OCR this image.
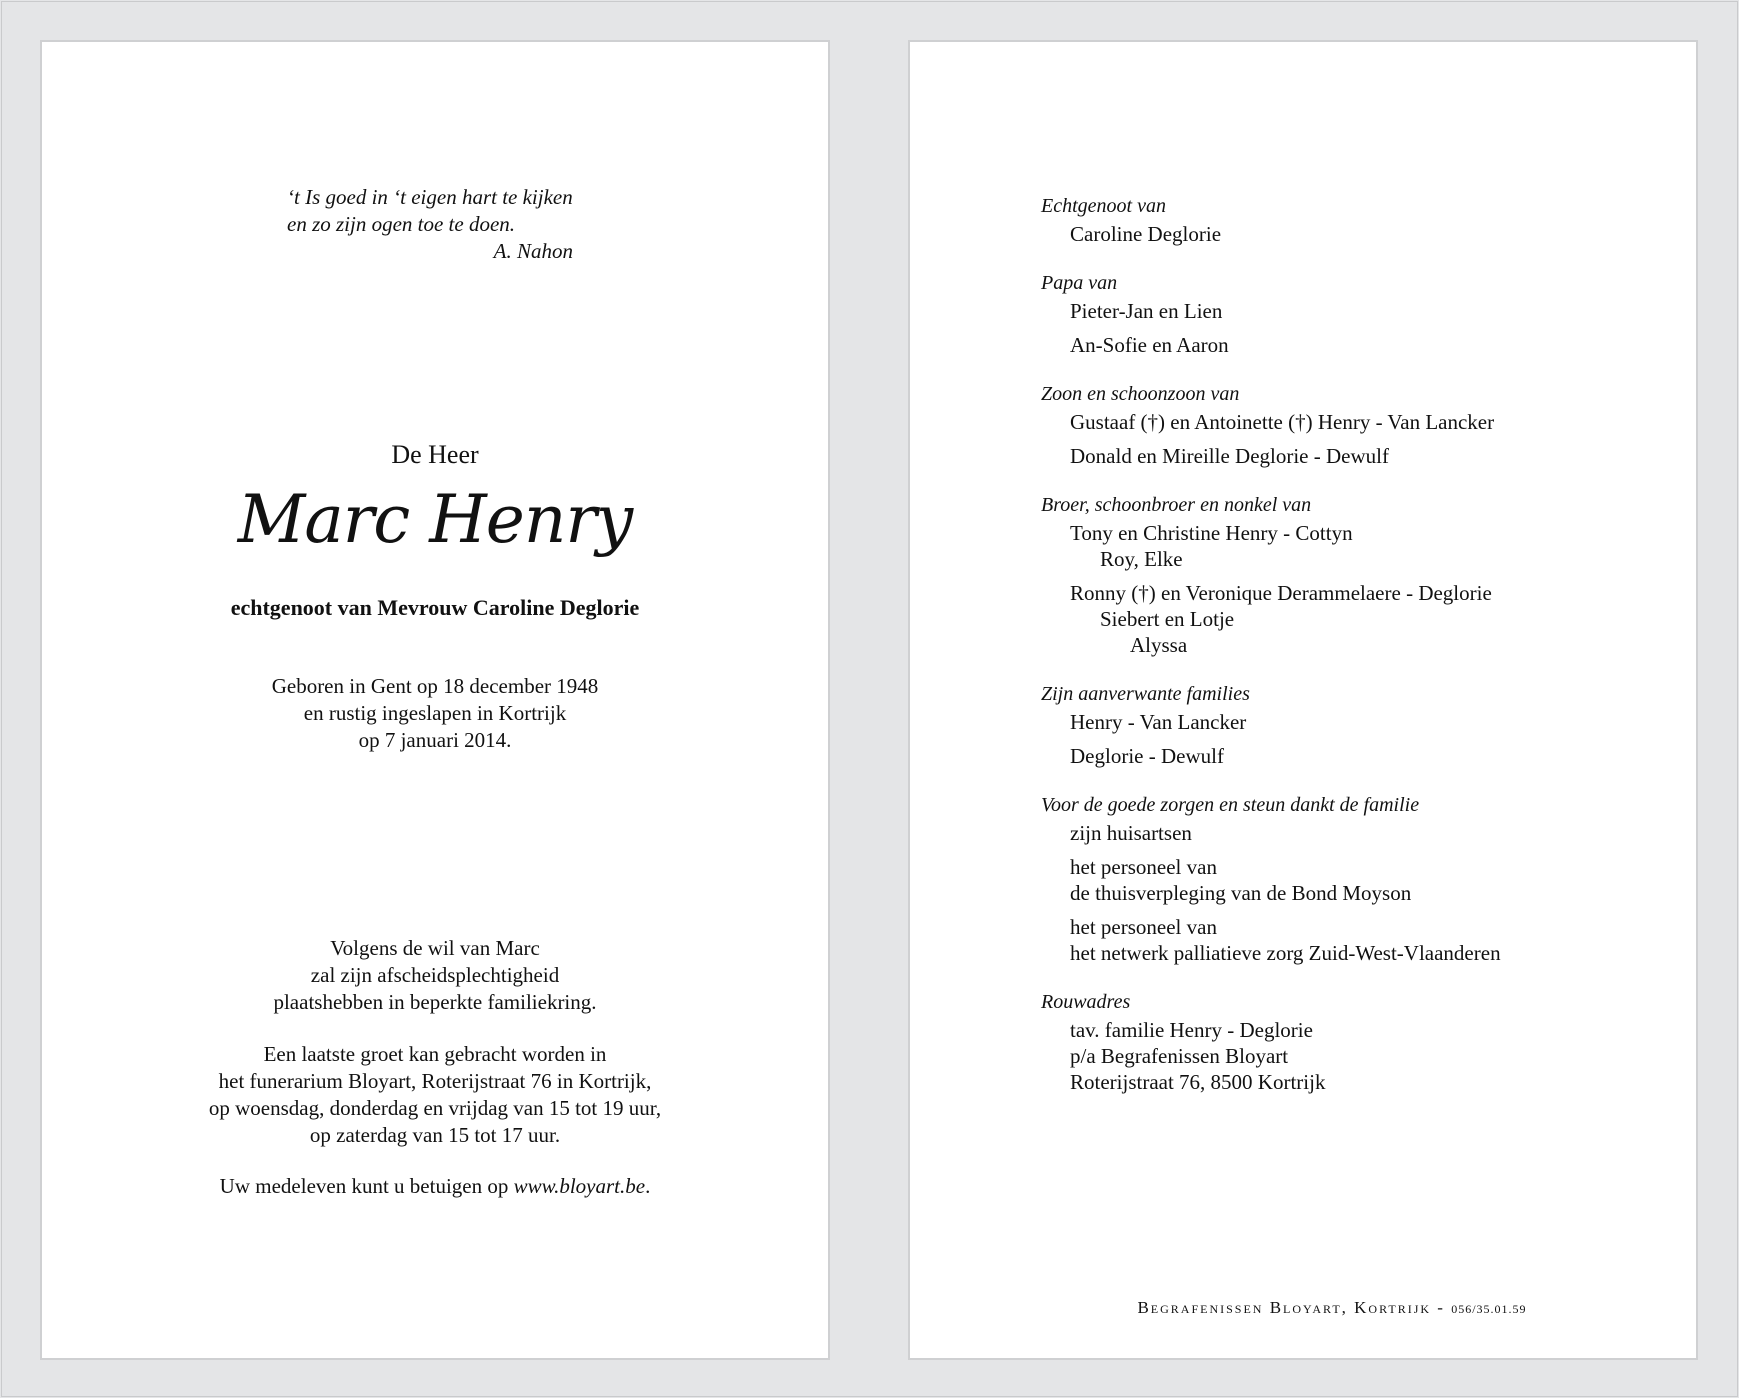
‘t Is goed in ‘t eigen hart te kijken
en zo zijn ogen toe te doen.
A. Nahon
De Heer
Marc Henry
echtgenoot van Mevrouw Caroline Deglorie
Geboren in Gent op 18 december 1948
en rustig ingeslapen in Kortrijk
op 7 januari 2014.
Volgens de wil van Marc
zal zijn afscheidsplechtigheid
plaatshebben in beperkte familiekring.
Een laatste groet kan gebracht worden in
het funerarium Bloyart, Roterijstraat 76 in Kortrijk,
op woensdag, donderdag en vrijdag van 15 tot 19 uur,
op zaterdag van 15 tot 17 uur.
Uw medeleven kunt u betuigen op www.bloyart.be.
Echtgenoot van
Caroline Deglorie
Papa van
Pieter-Jan en Lien
An-Sofie en Aaron
Zoon en schoonzoon van
Gustaaf (†) en Antoinette (†) Henry - Van Lancker
Donald en Mireille Deglorie - Dewulf
Broer, schoonbroer en nonkel van
Tony en Christine Henry - Cottyn
Roy, Elke
Ronny (†) en Veronique Derammelaere - Deglorie
Siebert en Lotje
Alyssa
Zijn aanverwante families
Henry - Van Lancker
Deglorie - Dewulf
Voor de goede zorgen en steun dankt de familie
zijn huisartsen
het personeel van
de thuisverpleging van de Bond Moyson
het personeel van
het netwerk palliatieve zorg Zuid-West-Vlaanderen
Rouwadres
tav. familie Henry - Deglorie
p/a Begrafenissen Bloyart
Roterijstraat 76, 8500 Kortrijk
Begrafenissen Bloyart, Kortrijk - 056/35.01.59
